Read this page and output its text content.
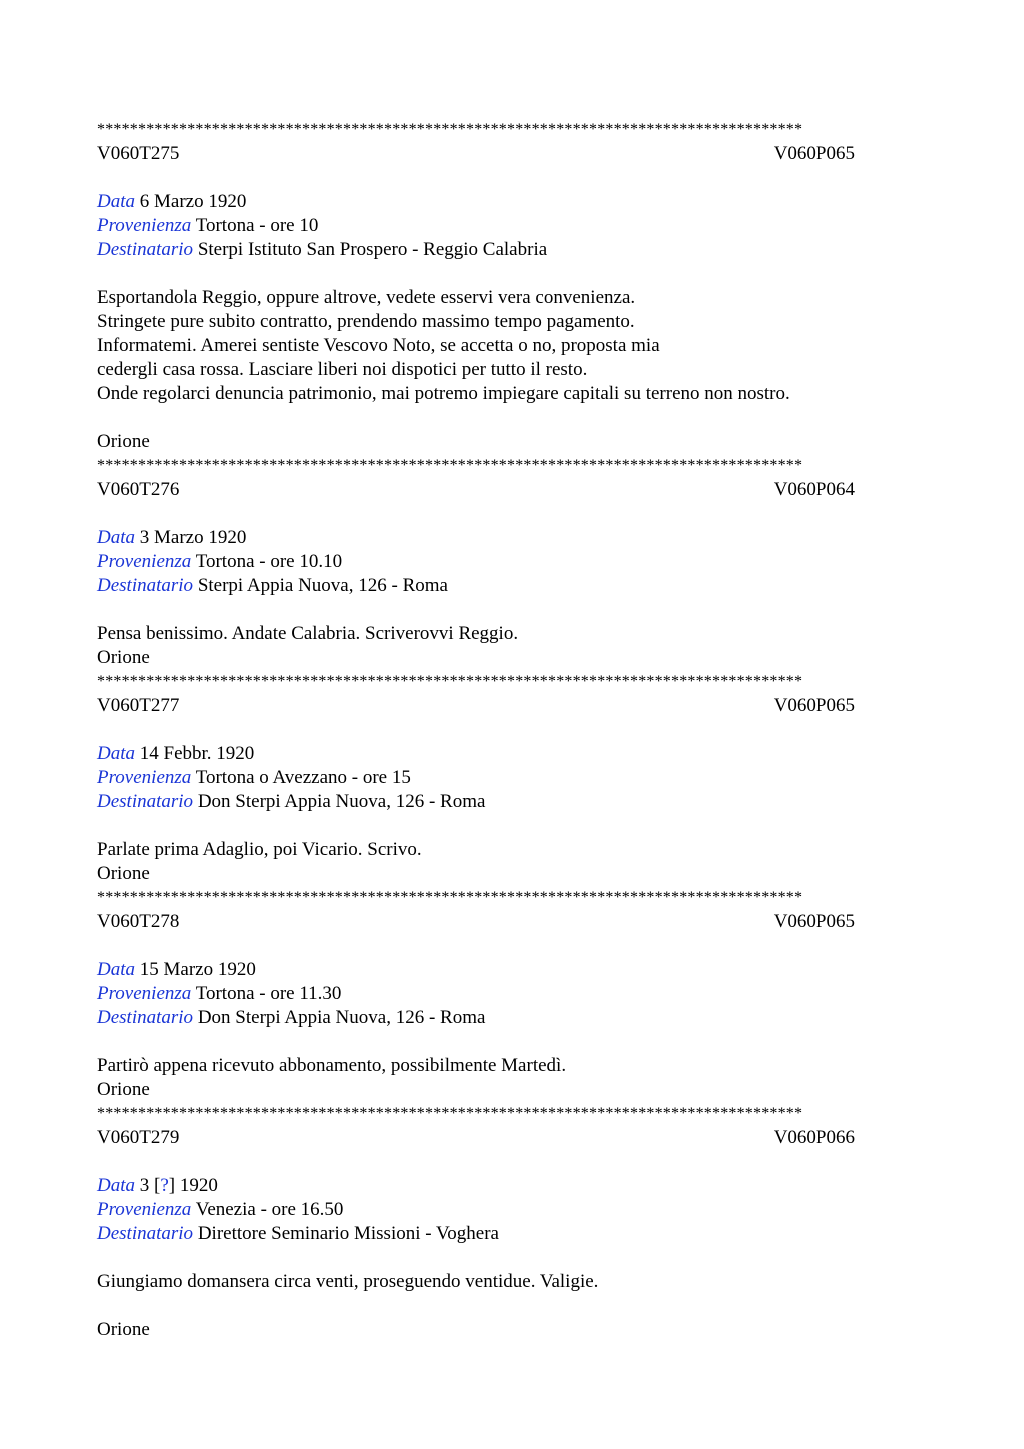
**************************************************************************************
V060T275	V060P065
Data 6 Marzo 1920
Provenienza Tortona - ore 10
Destinatario Sterpi Istituto San Prospero - Reggio Calabria
Esportandola Reggio, oppure altrove, vedete esservi vera convenienza.
Stringete pure subito contratto, prendendo massimo tempo pagamento.
Informatemi. Amerei sentiste Vescovo Noto, se accetta o no, proposta mia
cedergli casa rossa. Lasciare liberi noi dispotici per tutto il resto.
Onde regolarci denuncia patrimonio, mai potremo impiegare capitali su terreno non nostro.
Orione
**************************************************************************************
V060T276	V060P064
Data 3 Marzo 1920
Provenienza Tortona - ore 10.10
Destinatario Sterpi Appia Nuova, 126 - Roma
Pensa benissimo. Andate Calabria. Scriverovvi Reggio.
Orione
**************************************************************************************
V060T277	V060P065
Data 14 Febbr. 1920
Provenienza Tortona o Avezzano - ore 15
Destinatario Don Sterpi Appia Nuova, 126 - Roma
Parlate prima Adaglio, poi Vicario. Scrivo.
Orione
**************************************************************************************
V060T278	V060P065
Data 15 Marzo 1920
Provenienza Tortona - ore 11.30
Destinatario Don Sterpi Appia Nuova, 126 - Roma
Partirò appena ricevuto abbonamento, possibilmente Martedì.
Orione
**************************************************************************************
V060T279	V060P066
Data 3 [?] 1920
Provenienza Venezia - ore 16.50
Destinatario Direttore Seminario Missioni - Voghera
Giungiamo domansera circa venti, proseguendo ventidue. Valigie.
Orione
